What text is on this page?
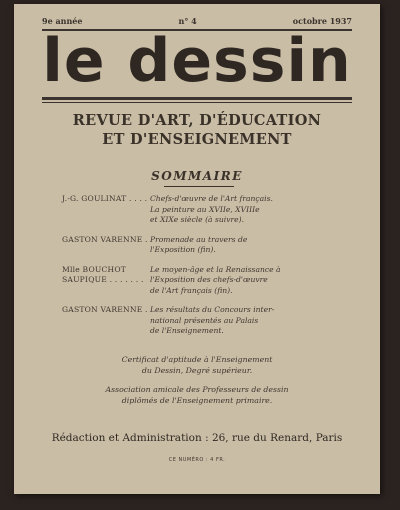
9e année	n° 4	octobre 1937
le dessin
REVUE D'ART, D'ÉDUCATION
ET D'ENSEIGNEMENT
SOMMAIRE
J.-G. GOULINAT . . . . Chefs-d'œuvre de l'Art français.
La peinture au XVIIe, XVIIIe
et XIXe siècle (à suivre).
GASTON VARENNE . Promenade au travers de
l'Exposition (fin).
Mlle BOUCHOT
SAUPIQUE . . . . . . .
Le moyen-âge et la Renaissance à
l'Exposition des chefs-d'œuvre
de l'Art français (fin).
GASTON VARENNE . Les résultats du Concours inter-
national présentés au Palais
de l'Enseignement.
Certificat d'aptitude à l'Enseignement
du Dessin, Degré supérieur.
Association amicale des Professeurs de dessin
diplômés de l'Enseignement primaire.
Rédaction et Administration : 26, rue du Renard, Paris
CE NUMÉRO : 4 FR.
